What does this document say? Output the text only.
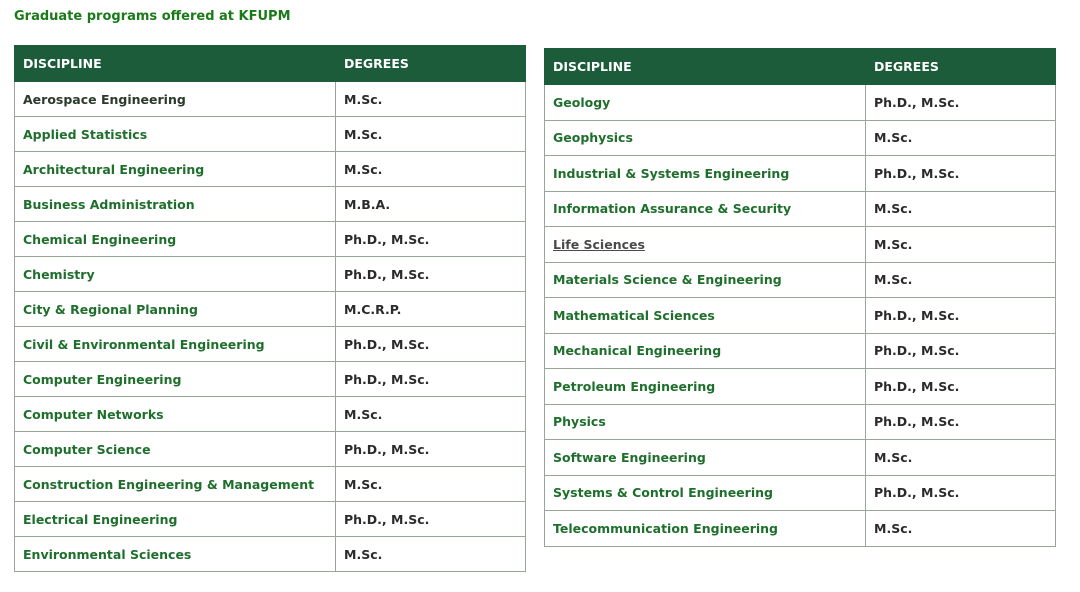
Graduate programs offered at KFUPM
DISCIPLINE	DEGREES
Aerospace Engineering	M.Sc.
Applied Statistics	M.Sc.
Architectural Engineering	M.Sc.
Business Administration	M.B.A.
Chemical Engineering	Ph.D., M.Sc.
Chemistry	Ph.D., M.Sc.
City & Regional Planning	M.C.R.P.
Civil & Environmental Engineering	Ph.D., M.Sc.
Computer Engineering	Ph.D., M.Sc.
Computer Networks	M.Sc.
Computer Science	Ph.D., M.Sc.
Construction Engineering & Management	M.Sc.
Electrical Engineering	Ph.D., M.Sc.
Environmental Sciences	M.Sc.
DISCIPLINE	DEGREES
Geology	Ph.D., M.Sc.
Geophysics	M.Sc.
Industrial & Systems Engineering	Ph.D., M.Sc.
Information Assurance & Security	M.Sc.
Life Sciences	M.Sc.
Materials Science & Engineering	M.Sc.
Mathematical Sciences	Ph.D., M.Sc.
Mechanical Engineering	Ph.D., M.Sc.
Petroleum Engineering	Ph.D., M.Sc.
Physics	Ph.D., M.Sc.
Software Engineering	M.Sc.
Systems & Control Engineering	Ph.D., M.Sc.
Telecommunication Engineering	M.Sc.
